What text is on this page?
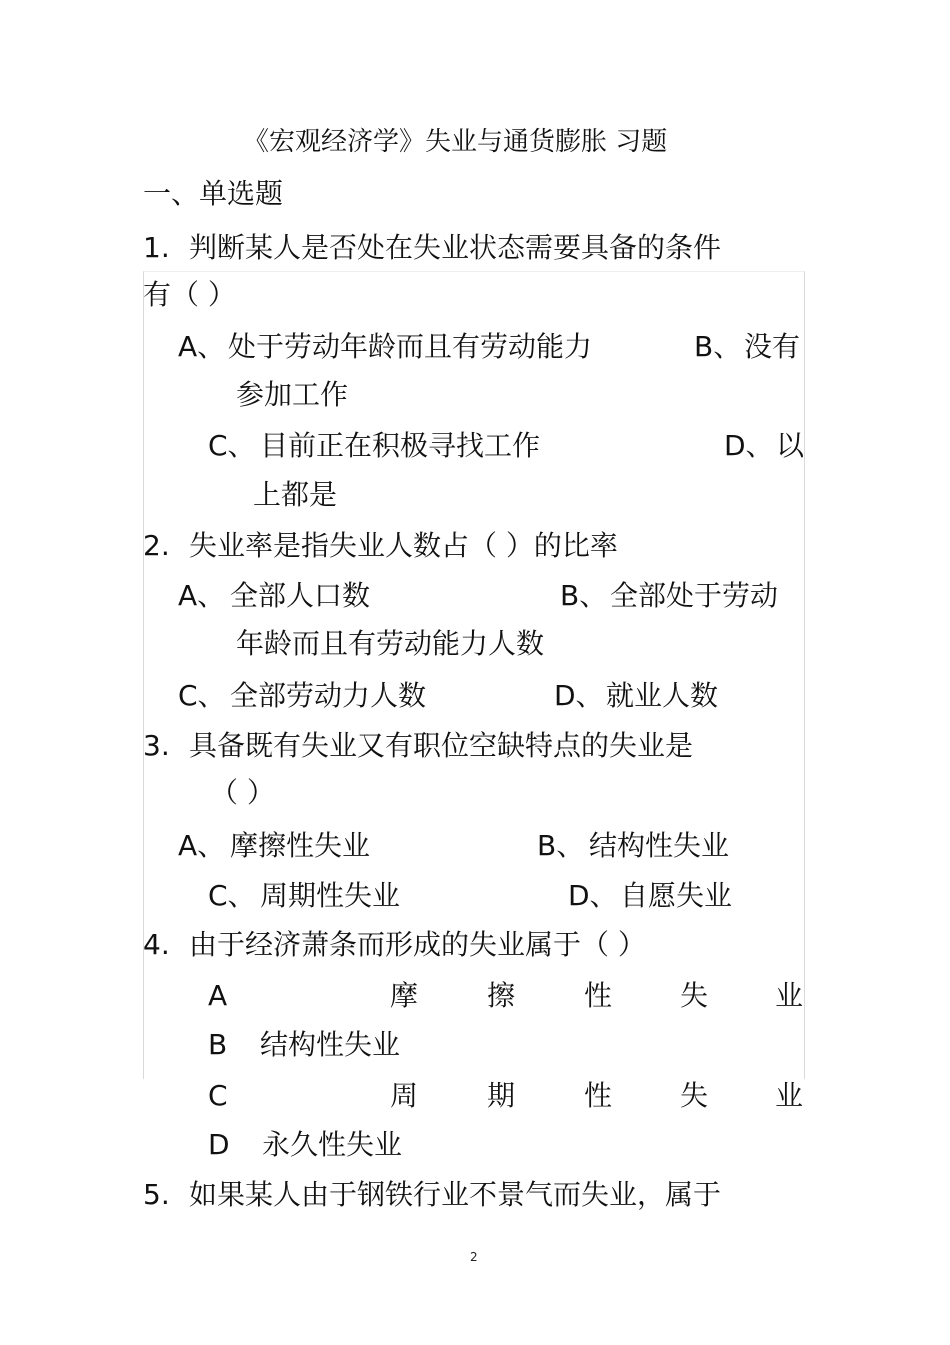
《宏观经济学》失业与通货膨胀 习题
一、单选题
1. 判断某人是否处在失业状态需要具备的条件
有（ ）
A、 处于劳动年龄而且有劳动能力	B、 没有
参加工作
C、 目前正在积极寻找工作	D、 以
上都是
2. 失业率是指失业人数占（ ）的比率
A、 全部人口数	B、 全部处于劳动
年龄而且有劳动能力人数
C、 全部劳动力人数	D、 就业人数
3. 具备既有失业又有职位空缺特点的失业是
（ ）
A、 摩擦性失业	B、 结构性失业
C、 周期性失业	D、 自愿失业
4. 由于经济萧条而形成的失业属于（ ）
A	摩 擦 性 失 业
B 结构性失业
C	周 期 性 失 业
D 永久性失业
5. 如果某人由于钢铁行业不景气而失业，属于
2
